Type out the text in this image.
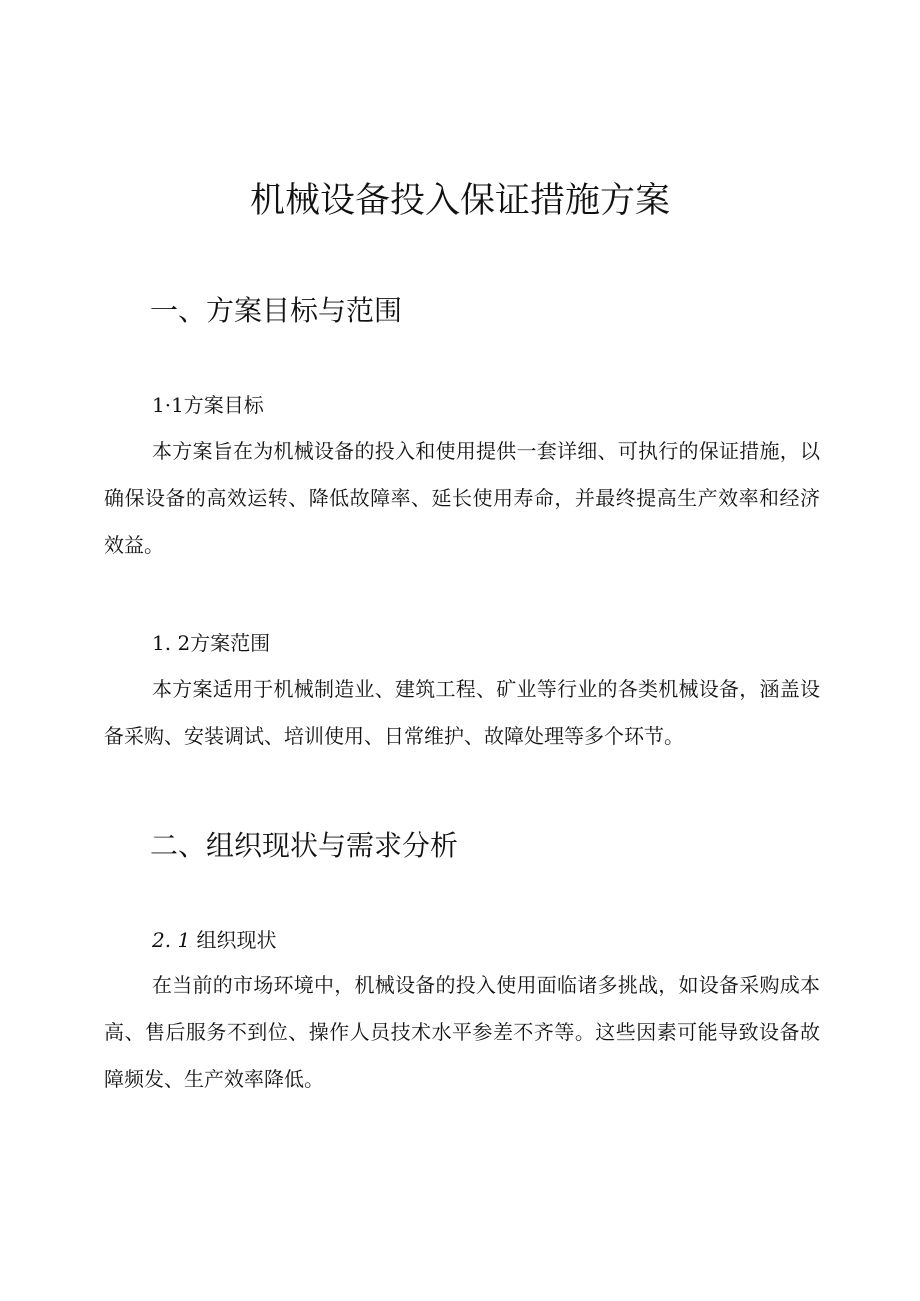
机械设备投入保证措施方案
一、方案目标与范围
1·1方案目标

本方案旨在为机械设备的投入和使用提供一套详细、可执行的保证措施，以确保设备的高效运转、降低故障率、延长使用寿命，并最终提高生产效率和经济效益。

1. 2方案范围

本方案适用于机械制造业、建筑工程、矿业等行业的各类机械设备，涵盖设备采购、安装调试、培训使用、日常维护、故障处理等多个环节。

二、组织现状与需求分析
2. 1 组织现状

在当前的市场环境中，机械设备的投入使用面临诸多挑战，如设备采购成本高、售后服务不到位、操作人员技术水平参差不齐等。这些因素可能导致设备故障频发、生产效率降低。
